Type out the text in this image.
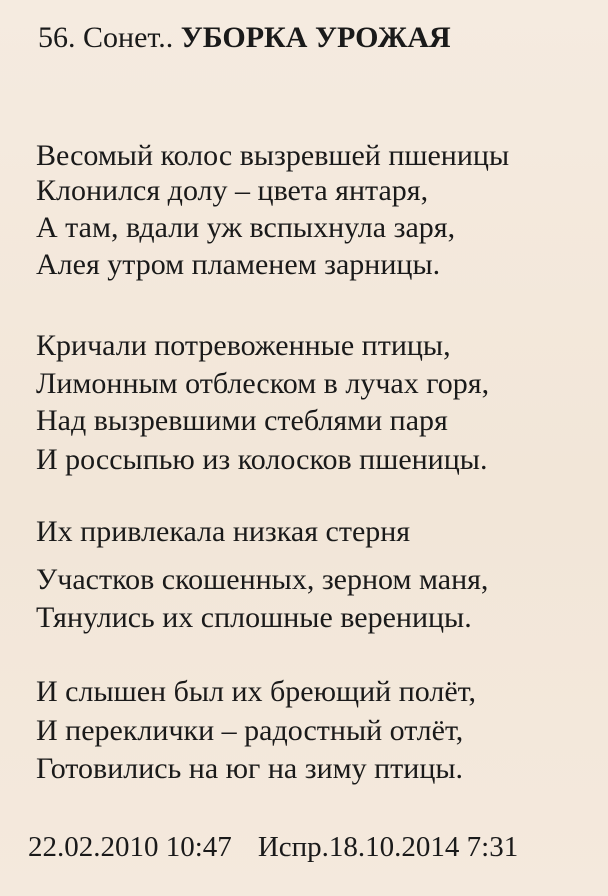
56. Сонет.. УБОРКА УРОЖАЯ
Весомый колос вызревшей пшеницы
Клонился долу – цвета янтаря,
А там, вдали уж вспыхнула заря,
Алея утром пламенем зарницы.
Кричали потревоженные птицы,
Лимонным отблеском в лучах горя,
Над вызревшими стеблями паря
И россыпью из колосков пшеницы.
Их привлекала низкая стерня
Участков скошенных, зерном маня,
Тянулись их сплошные вереницы.
И слышен был их бреющий полёт,
И переклички – радостный отлёт,
Готовились на юг на зиму птицы.
22.02.2010 10:47 Испр.18.10.2014 7:31
